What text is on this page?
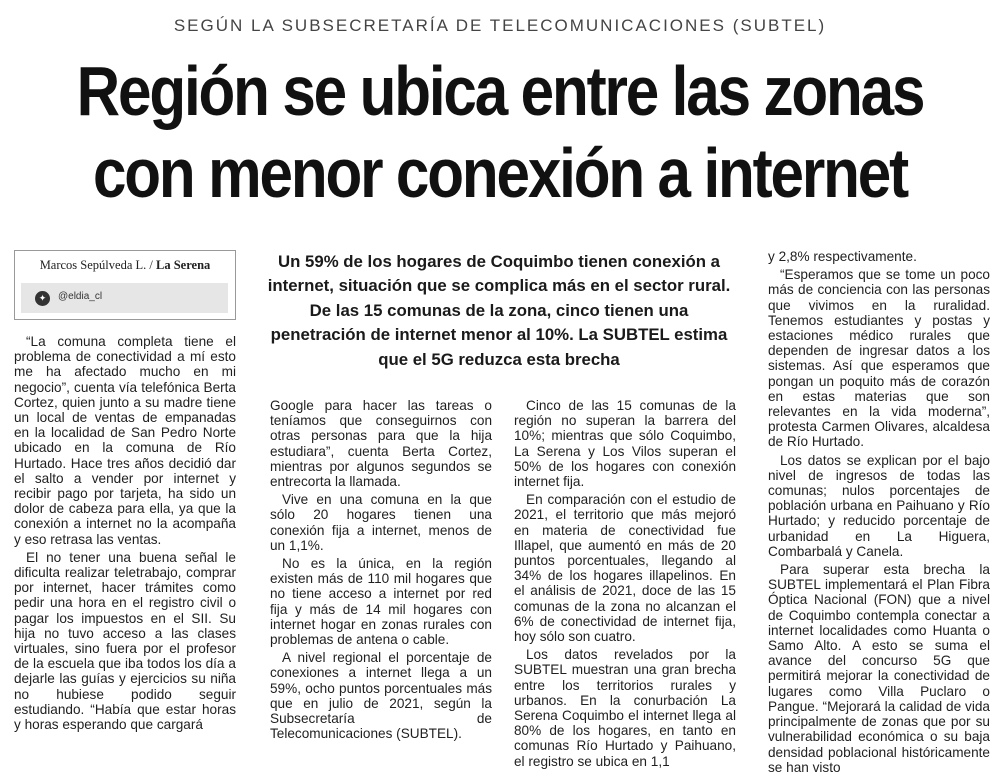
SEGÚN LA SUBSECRETARÍA DE TELECOMUNICACIONES (SUBTEL)
Región se ubica entre las zonas
con menor conexión a internet
Marcos Sepúlveda L. / La Serena
✦	@eldia_cl
Un 59% de los hogares de Coquimbo tienen conexión a internet, situación que se complica más en el sector rural. De las 15 comunas de la zona, cinco tienen una penetración de internet menor al 10%. La SUBTEL estima que el 5G reduzca esta brecha

“La comuna completa tiene el problema de conectividad a mí esto me ha afectado mucho en mi negocio”, cuenta vía telefónica Berta Cortez, quien junto a su madre tiene un local de ventas de empanadas en la localidad de San Pedro Norte ubicado en la comuna de Río Hurtado. Hace tres años decidió dar el salto a vender por internet y recibir pago por tarjeta, ha sido un dolor de cabeza para ella, ya que la conexión a internet no la acompaña y eso retrasa las ventas.

El no tener una buena señal le dificulta realizar teletrabajo, comprar por internet, hacer trámites como pedir una hora en el registro civil o pagar los impuestos en el SII. Su hija no tuvo acceso a las clases virtuales, sino fuera por el profesor de la escuela que iba todos los día a dejarle las guías y ejercicios su niña no hubiese podido seguir estudiando. “Había que estar horas y horas esperando que cargará

Google para hacer las tareas o teníamos que conseguirnos con otras personas para que la hija estudiara”, cuenta Berta Cortez, mientras por algunos segundos se entrecorta la llamada.

Vive en una comuna en la que sólo 20 hogares tienen una conexión fija a internet, menos de un 1,1%.

No es la única, en la región existen más de 110 mil hogares que no tiene acceso a internet por red fija y más de 14 mil hogares con internet hogar en zonas rurales con problemas de antena o cable.

A nivel regional el porcentaje de conexiones a internet llega a un 59%, ocho puntos porcentuales más que en julio de 2021, según la Subsecretaría de Telecomunicaciones (SUBTEL).

Cinco de las 15 comunas de la región no superan la barrera del 10%; mientras que sólo Coquimbo, La Serena y Los Vilos superan el 50% de los hogares con conexión internet fija.

En comparación con el estudio de 2021, el territorio que más mejoró en materia de conectividad fue Illapel, que aumentó en más de 20 puntos porcentuales, llegando al 34% de los hogares illapelinos. En el análisis de 2021, doce de las 15 comunas de la zona no alcanzan el 6% de conectividad de internet fija, hoy sólo son cuatro.

Los datos revelados por la SUBTEL muestran una gran brecha entre los territorios rurales y urbanos. En la conurbación La Serena Coquimbo el internet llega al 80% de los hogares, en tanto en comunas Río Hurtado y Paihuano, el registro se ubica en 1,1

y 2,8% respectivamente.

“Esperamos que se tome un poco más de conciencia con las personas que vivimos en la ruralidad. Tenemos estudiantes y postas y estaciones médico rurales que dependen de ingresar datos a los sistemas. Así que esperamos que pongan un poquito más de corazón en estas materias que son relevantes en la vida moderna”, protesta Carmen Olivares, alcaldesa de Río Hurtado.

Los datos se explican por el bajo nivel de ingresos de todas las comunas; nulos porcentajes de población urbana en Paihuano y Río Hurtado; y reducido porcentaje de urbanidad en La Higuera, Combarbalá y Canela.

Para superar esta brecha la SUBTEL implementará el Plan Fibra Óptica Nacional (FON) que a nivel de Coquimbo contempla conectar a internet localidades como Huanta o Samo Alto. A esto se suma el avance del concurso 5G que permitirá mejorar la conectividad de lugares como Villa Puclaro o Pangue. “Mejorará la calidad de vida principalmente de zonas que por su vulnerabilidad económica o su baja densidad poblacional históricamente se han visto
